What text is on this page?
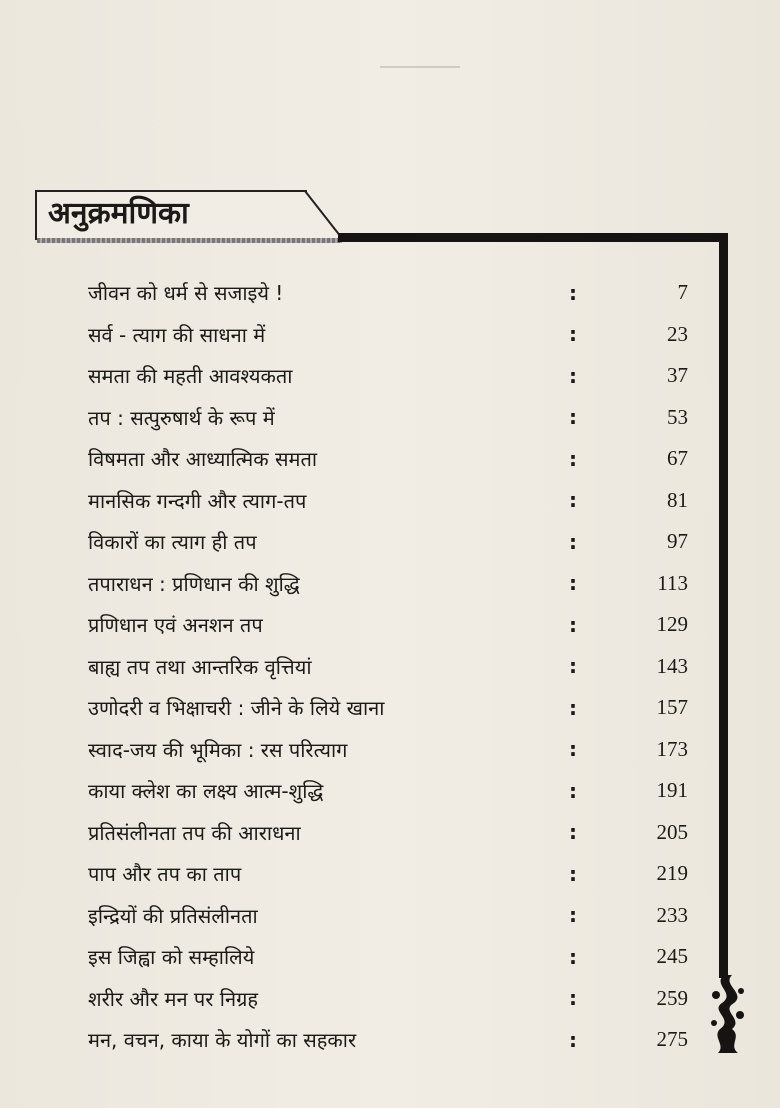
अनुक्रमणिका
जीवन को धर्म से सजाइये !	:	7
सर्व - त्याग की साधना में	:	23
समता की महती आवश्यकता	:	37
तप : सत्पुरुषार्थ के रूप में	:	53
विषमता और आध्यात्मिक समता	:	67
मानसिक गन्दगी और त्याग-तप	:	81
विकारों का त्याग ही तप	:	97
तपाराधन : प्रणिधान की शुद्धि	:	113
प्रणिधान एवं अनशन तप	:	129
बाह्य तप तथा आन्तरिक वृत्तियां	:	143
उणोदरी व भिक्षाचरी : जीने के लिये खाना	:	157
स्वाद-जय की भूमिका : रस परित्याग	:	173
काया क्लेश का लक्ष्य आत्म-शुद्धि	:	191
प्रतिसंलीनता तप की आराधना	:	205
पाप और तप का ताप	:	219
इन्द्रियों की प्रतिसंलीनता	:	233
इस जिह्वा को सम्हालिये	:	245
शरीर और मन पर निग्रह	:	259
मन, वचन, काया के योगों का सहकार	:	275
